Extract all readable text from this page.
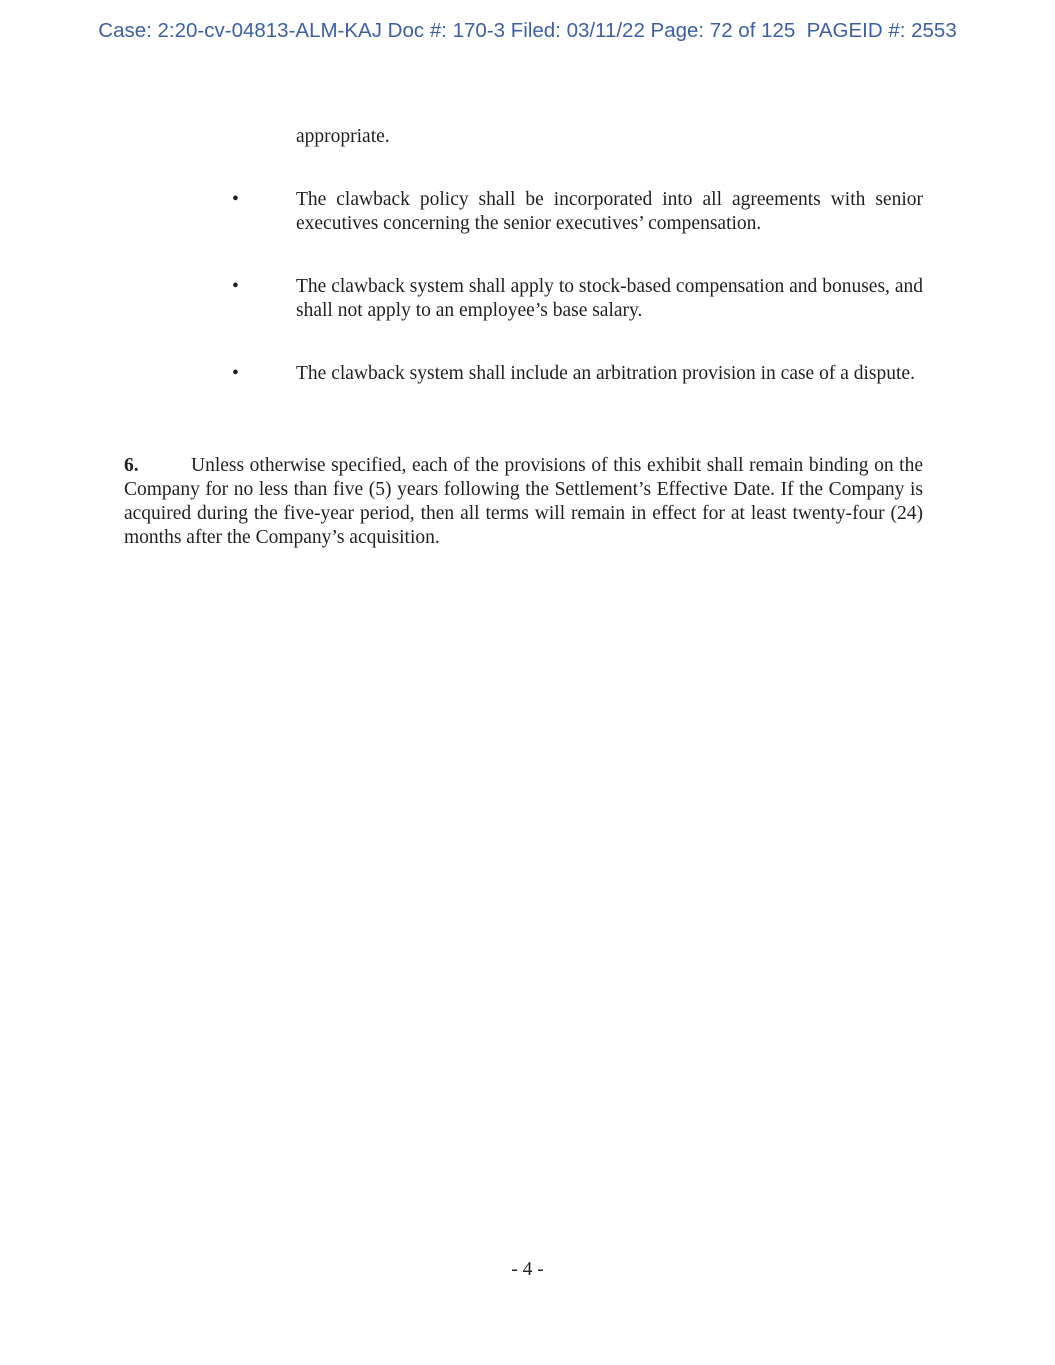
Case: 2:20-cv-04813-ALM-KAJ Doc #: 170-3 Filed: 03/11/22 Page: 72 of 125  PAGEID #: 2553
appropriate.
•	The clawback policy shall be incorporated into all agreements with senior executives concerning the senior executives’ compensation.
•	The clawback system shall apply to stock-based compensation and bonuses, and shall not apply to an employee’s base salary.
•	The clawback system shall include an arbitration provision in case of a dispute.
6.	Unless otherwise specified, each of the provisions of this exhibit shall remain binding on the Company for no less than five (5) years following the Settlement’s Effective Date. If the Company is acquired during the five-year period, then all terms will remain in effect for at least twenty-four (24) months after the Company’s acquisition.
- 4 -
